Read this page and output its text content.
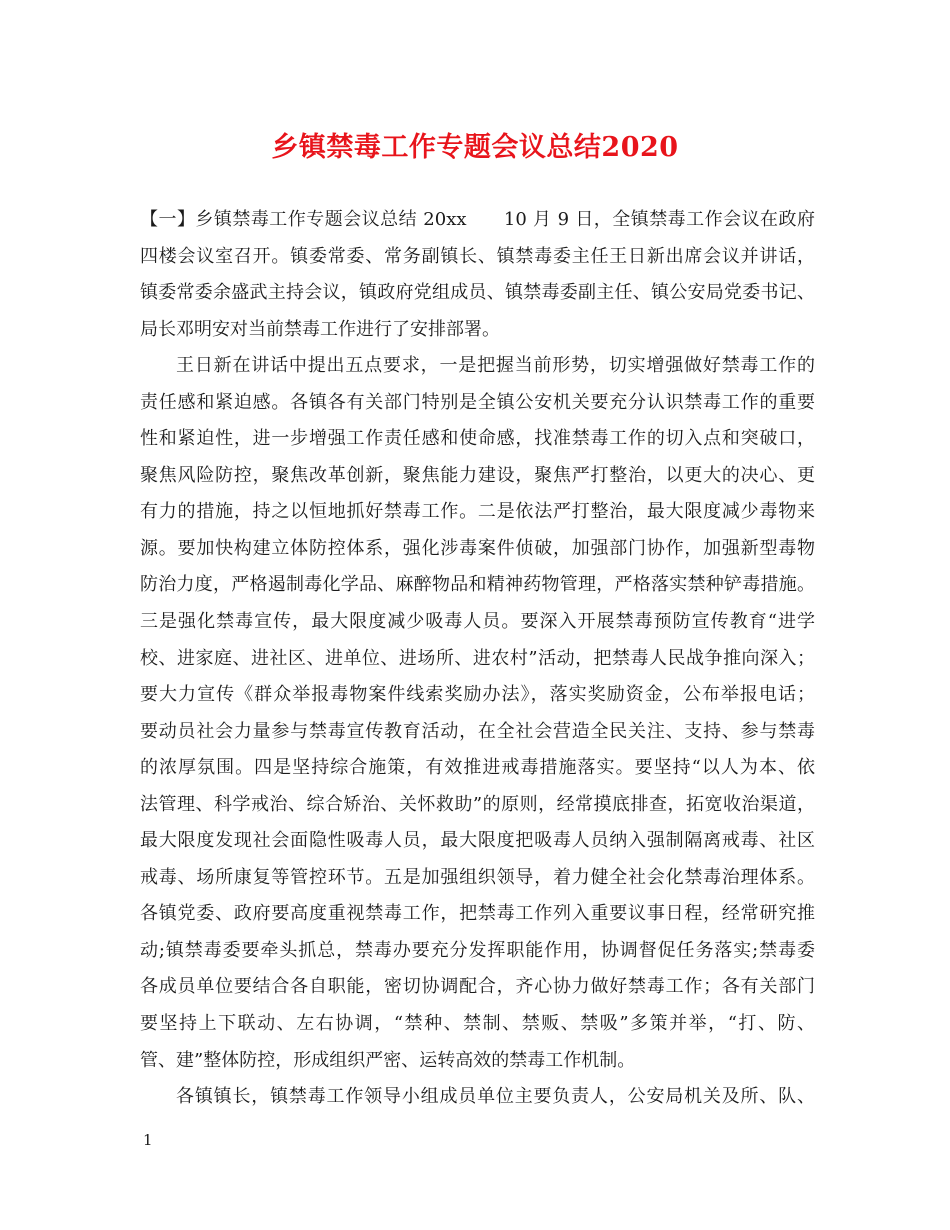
乡镇禁毒工作专题会议总结2020
【一】乡镇禁毒工作专题会议总结 20xx　　10 月 9 日，全镇禁毒工作会议在政府
四楼会议室召开。镇委常委、常务副镇长、镇禁毒委主任王日新出席会议并讲话，
镇委常委余盛武主持会议，镇政府党组成员、镇禁毒委副主任、镇公安局党委书记、
局长邓明安对当前禁毒工作进行了安排部署。
王日新在讲话中提出五点要求，一是把握当前形势，切实增强做好禁毒工作的
责任感和紧迫感。各镇各有关部门特别是全镇公安机关要充分认识禁毒工作的重要
性和紧迫性，进一步增强工作责任感和使命感，找准禁毒工作的切入点和突破口，
聚焦风险防控，聚焦改革创新，聚焦能力建设，聚焦严打整治，以更大的决心、更
有力的措施，持之以恒地抓好禁毒工作。二是依法严打整治，最大限度减少毒物来
源。要加快构建立体防控体系，强化涉毒案件侦破，加强部门协作，加强新型毒物
防治力度，严格遏制毒化学品、麻醉物品和精神药物管理，严格落实禁种铲毒措施。
三是强化禁毒宣传，最大限度减少吸毒人员。要深入开展禁毒预防宣传教育“进学
校、进家庭、进社区、进单位、进场所、进农村”活动，把禁毒人民战争推向深入；
要大力宣传《群众举报毒物案件线索奖励办法》，落实奖励资金，公布举报电话；
要动员社会力量参与禁毒宣传教育活动，在全社会营造全民关注、支持、参与禁毒
的浓厚氛围。四是坚持综合施策，有效推进戒毒措施落实。要坚持“以人为本、依
法管理、科学戒治、综合矫治、关怀救助”的原则，经常摸底排查，拓宽收治渠道，
最大限度发现社会面隐性吸毒人员，最大限度把吸毒人员纳入强制隔离戒毒、社区
戒毒、场所康复等管控环节。五是加强组织领导，着力健全社会化禁毒治理体系。
各镇党委、政府要高度重视禁毒工作，把禁毒工作列入重要议事日程，经常研究推
动;镇禁毒委要牵头抓总，禁毒办要充分发挥职能作用，协调督促任务落实;禁毒委
各成员单位要结合各自职能，密切协调配合，齐心协力做好禁毒工作；各有关部门
要坚持上下联动、左右协调，“禁种、禁制、禁贩、禁吸”多策并举，“打、防、
管、建”整体防控，形成组织严密、运转高效的禁毒工作机制。
各镇镇长，镇禁毒工作领导小组成员单位主要负责人，公安局机关及所、队、
1
